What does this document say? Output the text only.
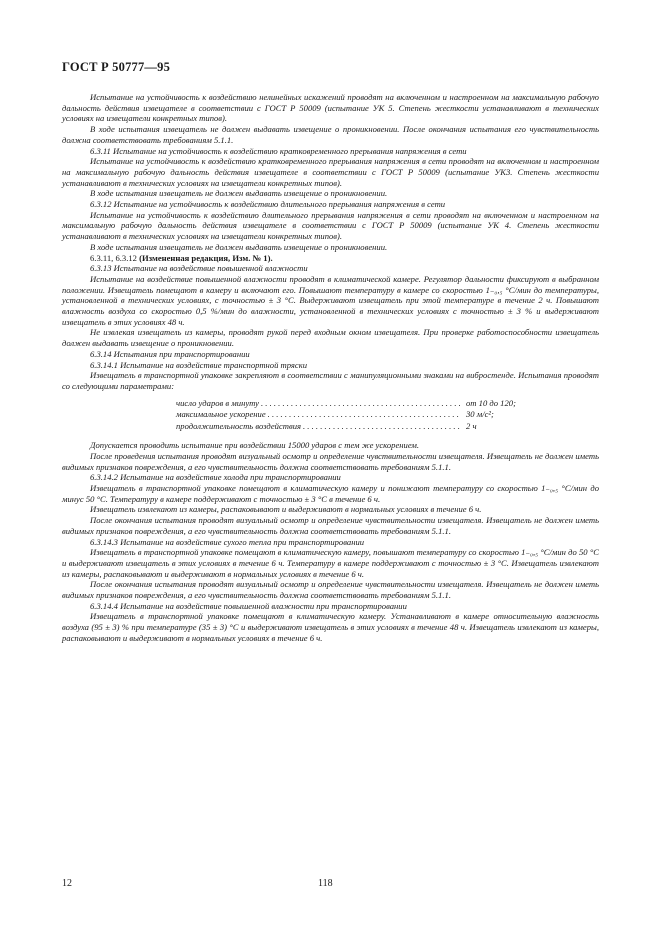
ГОСТ Р 50777—95

Испытание на устойчивость к воздействию нелинейных искажений проводят на включенном и настроенном на максимальную рабочую дальность действия извещателе в соответствии с ГОСТ Р 50009 (испытание УК 5. Степень жесткости устанавливают в технических условиях на извещатели конкретных типов).

В ходе испытания извещатель не должен выдавать извещение о проникновении. После окончания испытания его чувствительность должна соответствовать требованиям 5.1.1.

6.3.11 Испытание на устойчивость к воздействию кратковременного прерывания напряжения в сети

Испытание на устойчивость к воздействию кратковременного прерывания напряжения в сети проводят на включенном и настроенном на максимальную рабочую дальность действия извещателе в соответствии с ГОСТ Р 50009 (испытание УК3. Степень жесткости устанавливают в технических условиях на извещатели конкретных типов).

В ходе испытания извещатель не должен выдавать извещение о проникновении.

6.3.12 Испытание на устойчивость к воздействию длительного прерывания напряжения в сети

Испытание на устойчивость к воздействию длительного прерывания напряжения в сети проводят на включенном и настроенном на максимальную рабочую дальность действия извещателе в соответствии с ГОСТ Р 50009 (испытание УК 4. Степень жесткости устанавливают в технических условиях на извещатели конкретных типов).

В ходе испытания извещатель не должен выдавать извещение о проникновении.

6.3.11, 6.3.12 (Измененная редакция, Изм. № 1).

6.3.13 Испытание на воздействие повышенной влажности

Испытание на воздействие повышенной влажности проводят в климатической камере. Регулятор дальности фиксируют в выбранном положении. Извещатель помещают в камеру и включают его. Повышают температуру в камере со скоростью 1₋₀,₅ °С/мин до температуры, установленной в технических условиях, с точностью ± 3 °С. Выдерживают извещатель при этой температуре в течение 2 ч. Повышают влажность воздуха со скоростью 0,5 %/мин до влажности, установленной в технических условиях с точностью ± 3 % и выдерживают извещатель в этих условиях 48 ч.

Не извлекая извещатель из камеры, проводят рукой перед входным окном извещателя. При проверке работоспособности извещатель должен выдавать извещение о проникновении.

6.3.14 Испытания при транспортировании

6.3.14.1 Испытание на воздействие транспортной тряски

Извещатель в транспортной упаковке закрепляют в соответствии с манипуляционными знаками на вибростенде. Испытания проводят со следующими параметрами:

число ударов в минуту . . .	от 10 до 120;
максимальное ускорение . . .	30 м/с²;
продолжительность воздействия . . .	2 ч

Допускается проводить испытание при воздействии 15000 ударов с тем же ускорением.

После проведения испытания проводят визуальный осмотр и определение чувствительности извещателя. Извещатель не должен иметь видимых признаков повреждения, а его чувствительность должна соответствовать требованиям 5.1.1.

6.3.14.2 Испытание на воздействие холода при транспортировании

Извещатель в транспортной упаковке помещают в климатическую камеру и понижают температуру со скоростью 1₋₀,₅ °С/мин до минус 50 °С. Температуру в камере поддерживают с точностью ± 3 °С в течение 6 ч.

Извещатель извлекают из камеры, распаковывают и выдерживают в нормальных условиях в течение 6 ч.

После окончания испытания проводят визуальный осмотр и определение чувствительности извещателя. Извещатель не должен иметь видимых признаков повреждения, а его чувствительность должна соответствовать требованиям 5.1.1.

6.3.14.3 Испытание на воздействие сухого тепла при транспортировании

Извещатель в транспортной упаковке помещают в климатическую камеру, повышают температуру со скоростью 1₋₀,₅ °С/мин до 50 °С и выдерживают извещатель в этих условиях в течение 6 ч. Температуру в камере поддерживают с точностью ± 3 °С. Извещатель извлекают из камеры, распаковывают и выдерживают в нормальных условиях в течение 6 ч.

После окончания испытания проводят визуальный осмотр и определение чувствительности извещателя. Извещатель не должен иметь видимых признаков повреждения, а его чувствительность должна соответствовать требованиям 5.1.1.

6.3.14.4 Испытание на воздействие повышенной влажности при транспортировании

Извещатель в транспортной упаковке помещают в климатическую камеру. Устанавливают в камере относительную влажность воздуха (95 ± 3) % при температуре (35 ± 3) °С и выдерживают извещатель в этих условиях в течение 48 ч. Извещатель извлекают из камеры, распаковывают и выдерживают в нормальных условиях в течение 6 ч.

12	118
